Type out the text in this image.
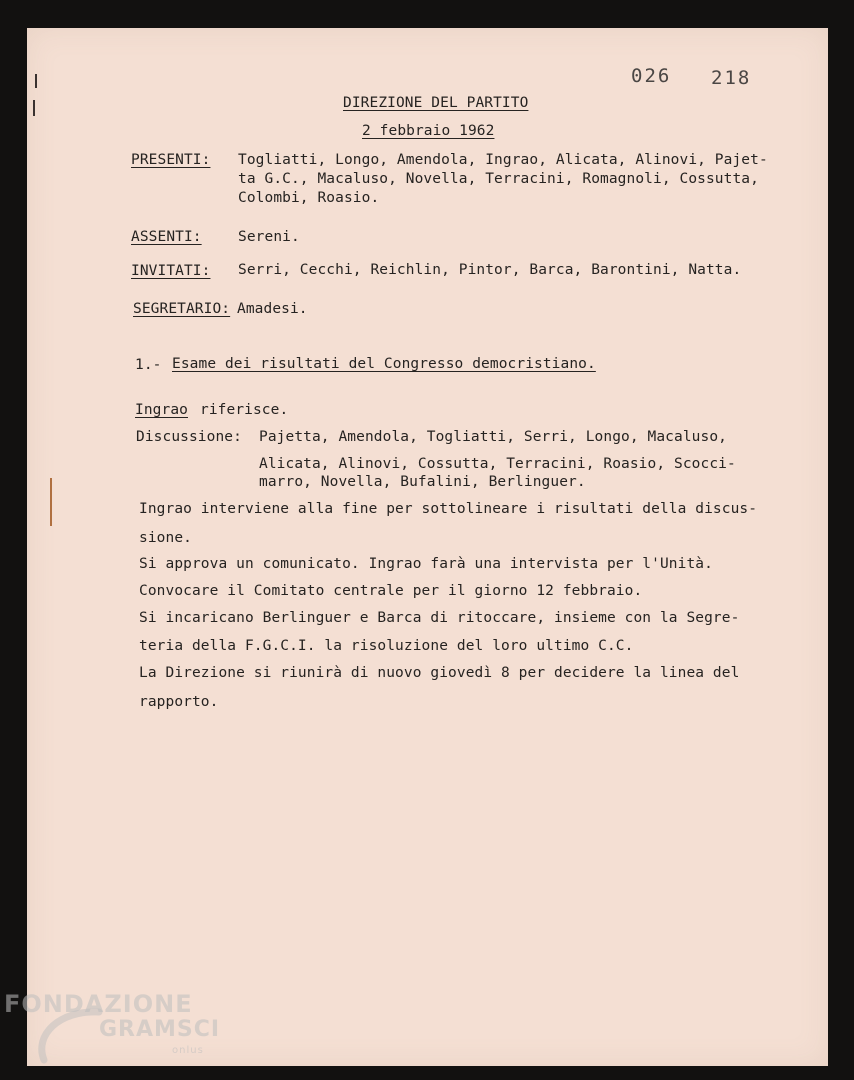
026 218
DIREZIONE DEL PARTITO
2 febbraio 1962
PRESENTI: Togliatti, Longo, Amendola, Ingrao, Alicata, Alinovi, Pajet-
ta G.C., Macaluso, Novella, Terracini, Romagnoli, Cossutta,
Colombi, Roasio.
ASSENTI:	Sereni.
INVITATI: Serri, Cecchi, Reichlin, Pintor, Barca, Barontini, Natta.
SEGRETARIO: Amadesi.
1.- Esame dei risultati del Congresso democristiano.
Ingrao riferisce.
Discussione: Pajetta, Amendola, Togliatti, Serri, Longo, Macaluso,
Alicata, Alinovi, Cossutta, Terracini, Roasio, Scocci-
marro, Novella, Bufalini, Berlinguer.
Ingrao interviene alla fine per sottolineare i risultati della discus-
sione.
Si approva un comunicato. Ingrao farà una intervista per l'Unità.
Convocare il Comitato centrale per il giorno 12 febbraio.
Si incaricano Berlinguer e Barca di ritoccare, insieme con la Segre-
teria della F.G.C.I. la risoluzione del loro ultimo C.C.
La Direzione si riunirà di nuovo giovedì 8 per decidere la linea del
rapporto.
FONDAZIONE
GRAMSCI
onlus
